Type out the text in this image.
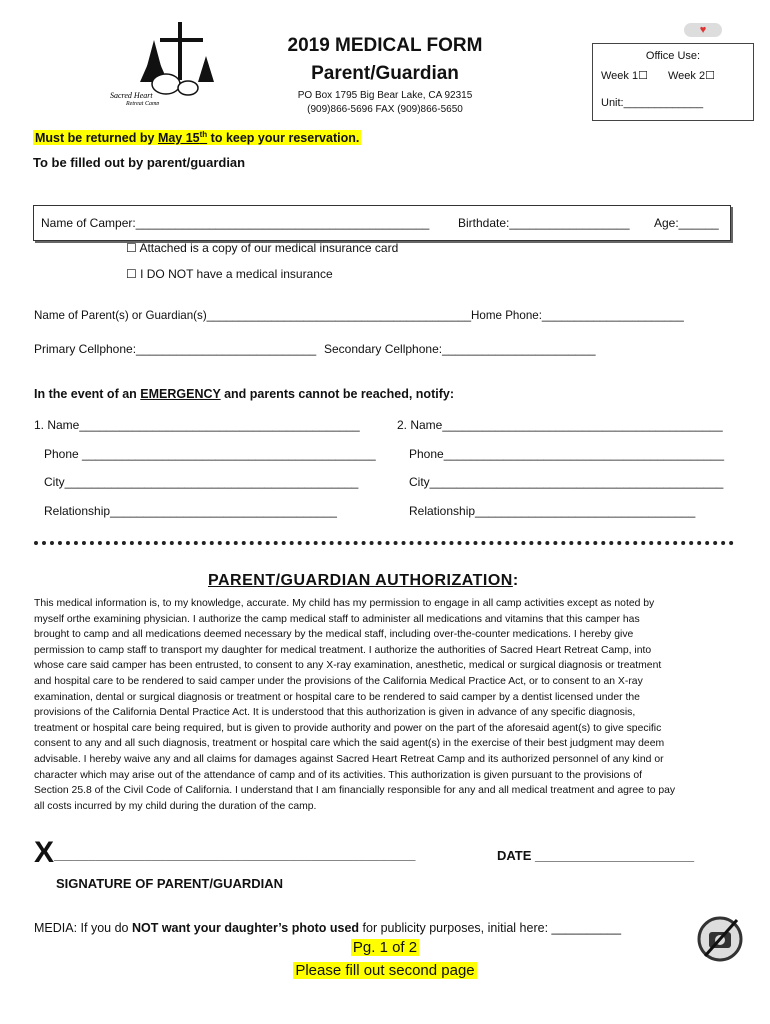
Sacred Heart
Retreat Camp
2019 MEDICAL FORM
Parent/Guardian
PO Box 1795 Big Bear Lake, CA 92315
(909)866-5696 FAX (909)866-5650
♥
Office Use:
Week 1☐ Week 2☐
Unit:_____________
Must be returned by May 15th to keep your reservation.
To be filled out by parent/guardian
Name of Camper:____________________________________________ Birthdate:__________________ Age:______
☐ Attached is a copy of our medical insurance card
☐ I DO NOT have a medical insurance
Name of Parent(s) or Guardian(s)_________________________________________Home Phone:______________________
Primary Cellphone:___________________________ Secondary Cellphone:_______________________
In the event of an EMERGENCY and parents cannot be reached, notify:
1. Name__________________________________________
Phone ____________________________________________
City____________________________________________
Relationship__________________________________
2. Name__________________________________________
Phone__________________________________________
City____________________________________________
Relationship_________________________________
PARENT/GUARDIAN AUTHORIZATION:
This medical information is, to my knowledge, accurate. My child has my permission to engage in all camp activities except as noted by
myself orthe examining physician. I authorize the camp medical staff to administer all medications and vitamins that this camper has
brought to camp and all medications deemed necessary by the medical staff, including over-the-counter medications. I hereby give
permission to camp staff to transport my daughter for medical treatment. I authorize the authorities of Sacred Heart Retreat Camp, into
whose care said camper has been entrusted, to consent to any X-ray examination, anesthetic, medical or surgical diagnosis or treatment
and hospital care to be rendered to said camper under the provisions of the California Medical Practice Act, or to consent to an X-ray
examination, dental or surgical diagnosis or treatment or hospital care to be rendered to said camper by a dentist licensed under the
provisions of the California Dental Practice Act. It is understood that this authorization is given in advance of any specific diagnosis,
treatment or hospital care being required, but is given to provide authority and power on the part of the aforesaid agent(s) to give specific
consent to any and all such diagnosis, treatment or hospital care which the said agent(s) in the exercise of their best judgment may deem
advisable. I hereby waive any and all claims for damages against Sacred Heart Retreat Camp and its authorized personnel of any kind or
character which may arise out of the attendance of camp and of its activities. This authorization is given pursuant to the provisions of
Section 25.8 of the Civil Code of California. I understand that I am financially responsible for any and all medical treatment and agree to pay
all costs incurred by my child during the duration of the camp.
X ____________________________________________________	DATE ______________________
SIGNATURE OF PARENT/GUARDIAN
MEDIA: If you do NOT want your daughter’s photo used for publicity purposes, initial here: __________
Pg. 1 of 2
Please fill out second page
